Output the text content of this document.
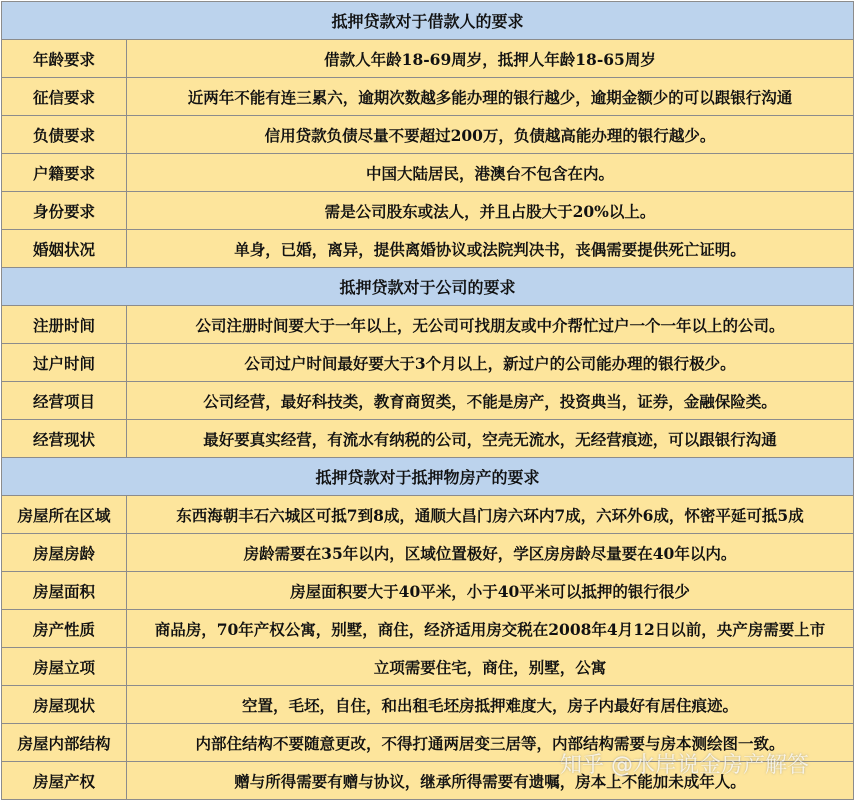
抵押贷款对于借款人的要求	
年龄要求	借款人年龄18-69周岁，抵押人年龄18-65周岁
征信要求	近两年不能有连三累六，逾期次数越多能办理的银行越少，逾期金额少的可以跟银行沟通
负债要求	信用贷款负债尽量不要超过200万，负债越高能办理的银行越少。
户籍要求	中国大陆居民，港澳台不包含在内。
身份要求	需是公司股东或法人，并且占股大于20%以上。
婚姻状况	单身，已婚，离异，提供离婚协议或法院判决书，丧偶需要提供死亡证明。
抵押贷款对于公司的要求	
注册时间	公司注册时间要大于一年以上，无公司可找朋友或中介帮忙过户一个一年以上的公司。
过户时间	公司过户时间最好要大于3个月以上，新过户的公司能办理的银行极少。
经营项目	公司经营，最好科技类，教育商贸类，不能是房产，投资典当，证券，金融保险类。
经营现状	最好要真实经营，有流水有纳税的公司，空壳无流水，无经营痕迹，可以跟银行沟通
抵押贷款对于抵押物房产的要求	
房屋所在区域	东西海朝丰石六城区可抵7到8成，通顺大昌门房六环内7成，六环外6成，怀密平延可抵5成
房屋房龄	房龄需要在35年以内，区域位置极好，学区房房龄尽量要在40年以内。
房屋面积	房屋面积要大于40平米，小于40平米可以抵押的银行很少
房产性质	商品房，70年产权公寓，别墅，商住，经济适用房交税在2008年4月12日以前，央产房需要上市
房屋立项	立项需要住宅，商住，别墅，公寓
房屋现状	空置，毛坯，自住，和出租毛坯房抵押难度大，房子内最好有居住痕迹。
房屋内部结构	内部住结构不要随意更改，不得打通两居变三居等，内部结构需要与房本测绘图一致。
房屋产权	赠与所得需要有赠与协议，继承所得需要有遗嘱，房本上不能加未成年人。
知乎 @水岸说金房产解答
